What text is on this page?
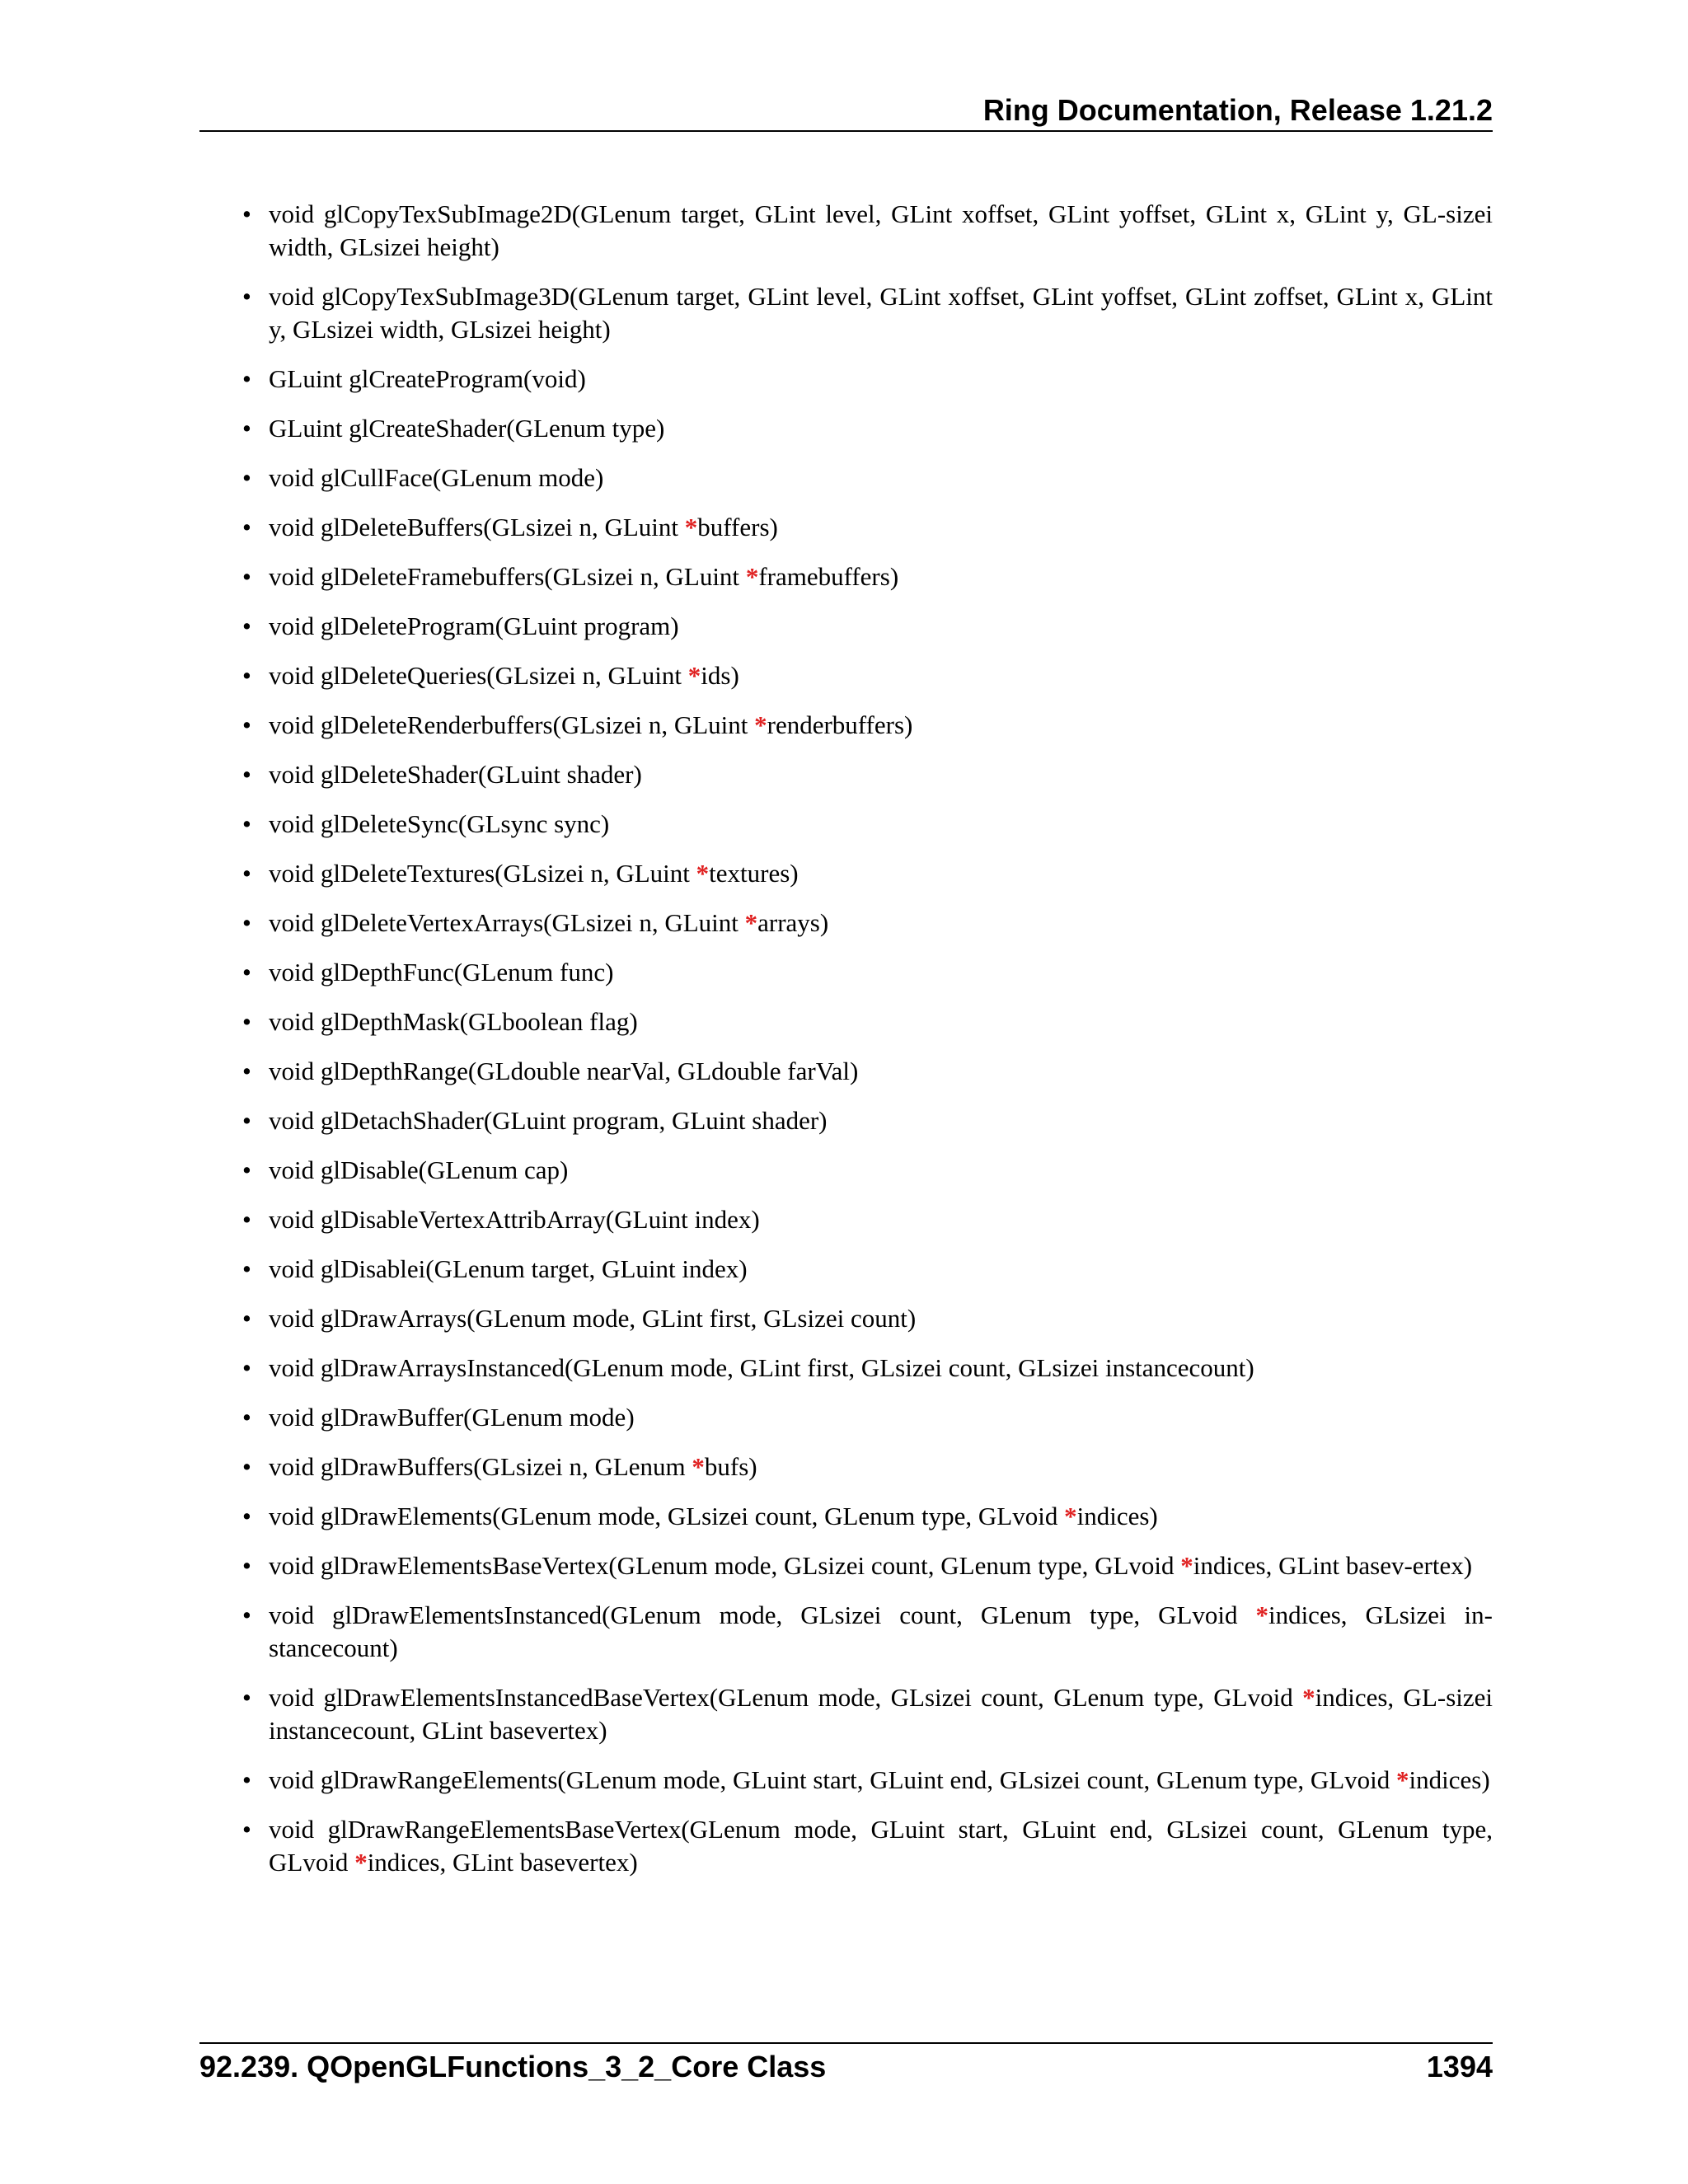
Ring Documentation, Release 1.21.2
• void glCopyTexSubImage2D(GLenum target, GLint level, GLint xoffset, GLint yoffset, GLint x, GLint y, GL-sizei width, GLsizei height)
• void glCopyTexSubImage3D(GLenum target, GLint level, GLint xoffset, GLint yoffset, GLint zoffset, GLint x, GLint y, GLsizei width, GLsizei height)
• GLuint glCreateProgram(void)
• GLuint glCreateShader(GLenum type)
• void glCullFace(GLenum mode)
• void glDeleteBuffers(GLsizei n, GLuint *buffers)
• void glDeleteFramebuffers(GLsizei n, GLuint *framebuffers)
• void glDeleteProgram(GLuint program)
• void glDeleteQueries(GLsizei n, GLuint *ids)
• void glDeleteRenderbuffers(GLsizei n, GLuint *renderbuffers)
• void glDeleteShader(GLuint shader)
• void glDeleteSync(GLsync sync)
• void glDeleteTextures(GLsizei n, GLuint *textures)
• void glDeleteVertexArrays(GLsizei n, GLuint *arrays)
• void glDepthFunc(GLenum func)
• void glDepthMask(GLboolean flag)
• void glDepthRange(GLdouble nearVal, GLdouble farVal)
• void glDetachShader(GLuint program, GLuint shader)
• void glDisable(GLenum cap)
• void glDisableVertexAttribArray(GLuint index)
• void glDisablei(GLenum target, GLuint index)
• void glDrawArrays(GLenum mode, GLint first, GLsizei count)
• void glDrawArraysInstanced(GLenum mode, GLint first, GLsizei count, GLsizei instancecount)
• void glDrawBuffer(GLenum mode)
• void glDrawBuffers(GLsizei n, GLenum *bufs)
• void glDrawElements(GLenum mode, GLsizei count, GLenum type, GLvoid *indices)
• void glDrawElementsBaseVertex(GLenum mode, GLsizei count, GLenum type, GLvoid *indices, GLint basev-ertex)
• void glDrawElementsInstanced(GLenum mode, GLsizei count, GLenum type, GLvoid *indices, GLsizei in-stancecount)
• void glDrawElementsInstancedBaseVertex(GLenum mode, GLsizei count, GLenum type, GLvoid *indices, GL-sizei instancecount, GLint basevertex)
• void glDrawRangeElements(GLenum mode, GLuint start, GLuint end, GLsizei count, GLenum type, GLvoid *indices)
• void glDrawRangeElementsBaseVertex(GLenum mode, GLuint start, GLuint end, GLsizei count, GLenum type, GLvoid *indices, GLint basevertex)
92.239. QOpenGLFunctions_3_2_Core Class	1394
